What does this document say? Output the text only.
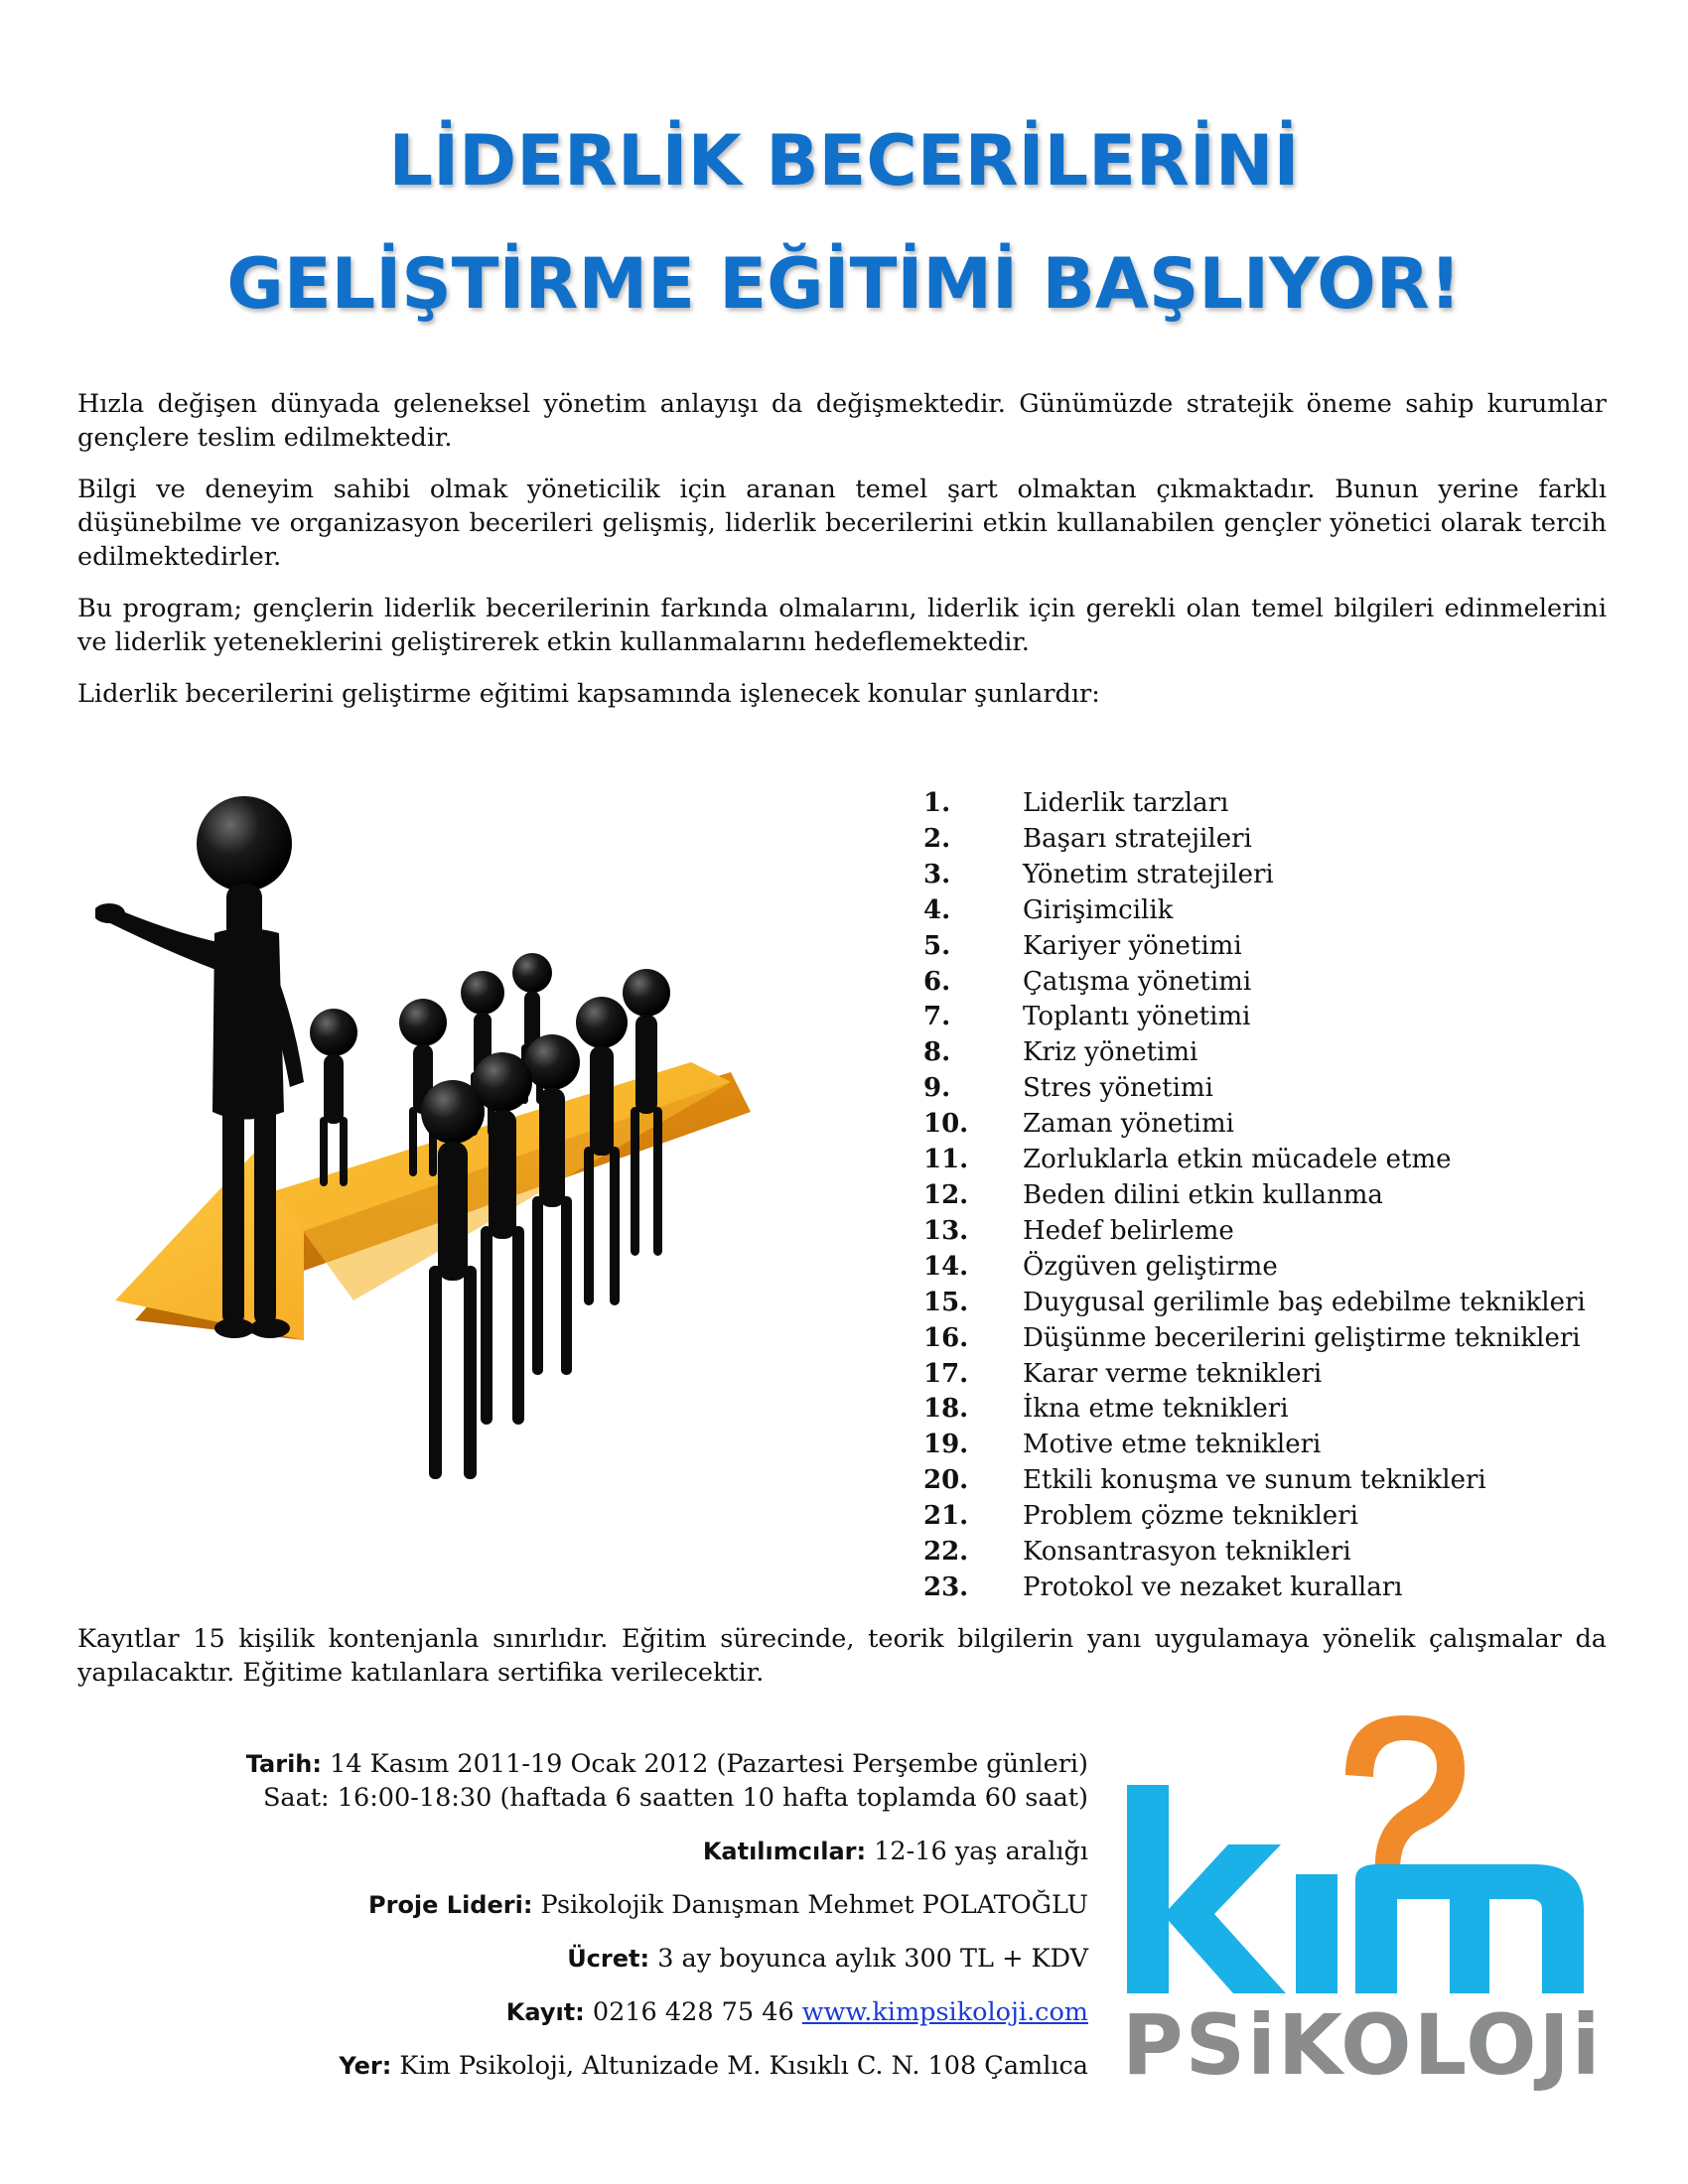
LİDERLİK BECERİLERİNİ
GELİŞTİRME EĞİTİMİ BAŞLIYOR!

Hızla değişen dünyada geleneksel yönetim anlayışı da değişmektedir. Günümüzde stratejik öneme sahip kurumlar gençlere teslim edilmektedir.

Bilgi ve deneyim sahibi olmak yöneticilik için aranan temel şart olmaktan çıkmaktadır. Bunun yerine farklı düşünebilme ve organizasyon becerileri gelişmiş, liderlik becerilerini etkin kullanabilen gençler yönetici olarak tercih edilmektedirler.

Bu program; gençlerin liderlik becerilerinin farkında olmalarını, liderlik için gerekli olan temel bilgileri edinmelerini ve liderlik yeteneklerini geliştirerek etkin kullanmalarını hedeflemektedir.

Liderlik becerilerini geliştirme eğitimi kapsamında işlenecek konular şunlardır:

1.	Liderlik tarzları
2.	Başarı stratejileri
3.	Yönetim stratejileri
4.	Girişimcilik
5.	Kariyer yönetimi
6.	Çatışma yönetimi
7.	Toplantı yönetimi
8.	Kriz yönetimi
9.	Stres yönetimi
10.	Zaman yönetimi
11.	Zorluklarla etkin mücadele etme
12.	Beden dilini etkin kullanma
13.	Hedef belirleme
14.	Özgüven geliştirme
15.	Duygusal gerilimle baş edebilme teknikleri
16.	Düşünme becerilerini geliştirme teknikleri
17.	Karar verme teknikleri
18.	İkna etme teknikleri
19.	Motive etme teknikleri
20.	Etkili konuşma ve sunum teknikleri
21.	Problem çözme teknikleri
22.	Konsantrasyon teknikleri
23.	Protokol ve nezaket kuralları

Kayıtlar 15 kişilik kontenjanla sınırlıdır. Eğitim sürecinde, teorik bilgilerin yanı uygulamaya yönelik çalışmalar da yapılacaktır. Eğitime katılanlara sertifika verilecektir.

Tarih: 14 Kasım 2011-19 Ocak 2012 (Pazartesi Perşembe günleri)
Saat: 16:00-18:30 (haftada 6 saatten 10 hafta toplamda 60 saat)
Katılımcılar: 12-16 yaş aralığı
Proje Lideri: Psikolojik Danışman Mehmet POLATOĞLU
Ücret: 3 ay boyunca aylık 300 TL + KDV
Kayıt: 0216 428 75 46 www.kimpsikoloji.com
Yer: Kim Psikoloji, Altunizade M. Kısıklı C. N. 108 Çamlıca PSiKOLOJi
